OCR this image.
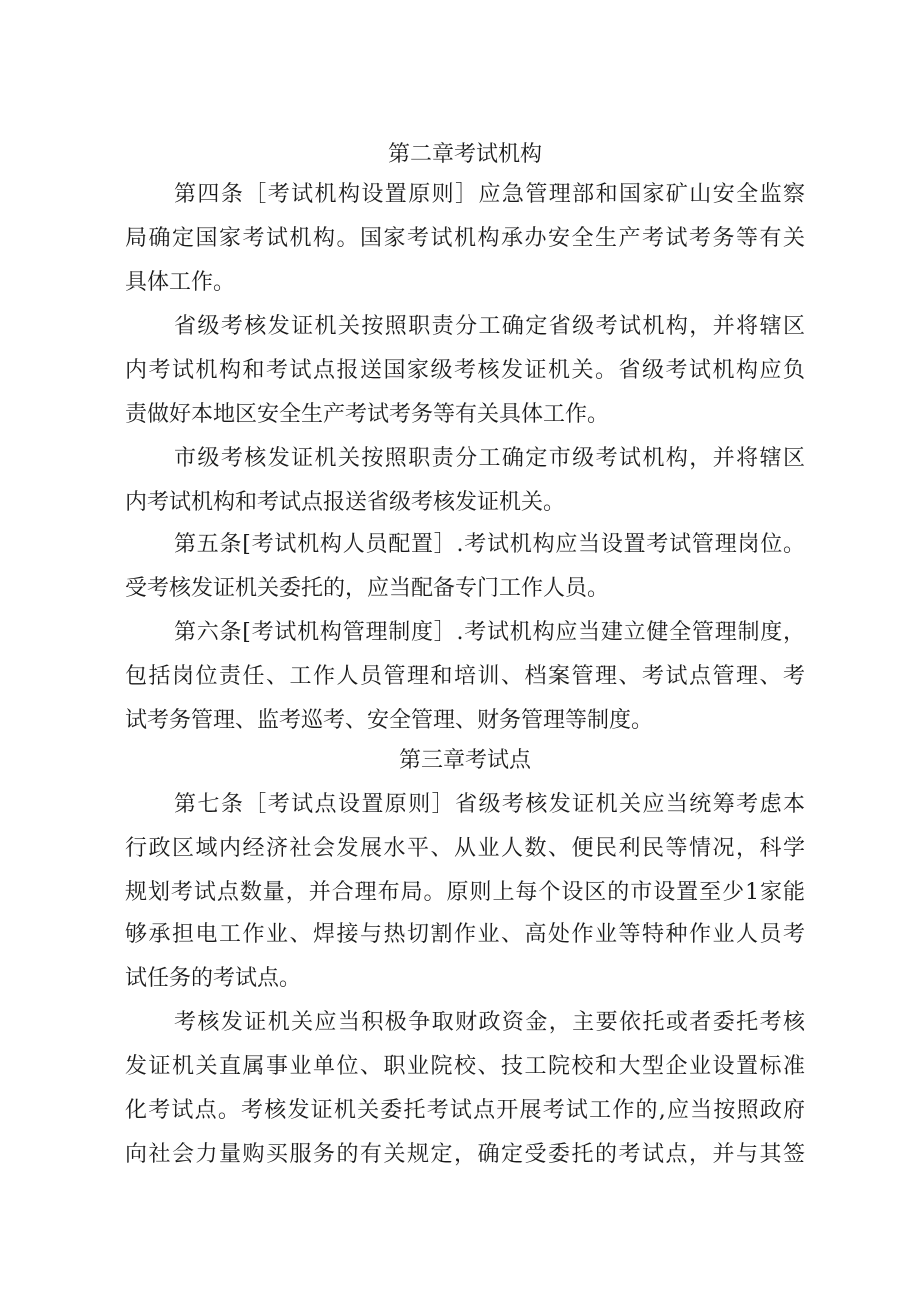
第二章考试机构
第四条［考试机构设置原则］应急管理部和国家矿山安全监察
局确定国家考试机构。国家考试机构承办安全生产考试考务等有关
具体工作。
省级考核发证机关按照职责分工确定省级考试机构，并将辖区
内考试机构和考试点报送国家级考核发证机关。省级考试机构应负
责做好本地区安全生产考试考务等有关具体工作。
市级考核发证机关按照职责分工确定市级考试机构，并将辖区
内考试机构和考试点报送省级考核发证机关。
第五条[考试机构人员配置］.考试机构应当设置考试管理岗位。
受考核发证机关委托的，应当配备专门工作人员。
第六条[考试机构管理制度］.考试机构应当建立健全管理制度，
包括岗位责任、工作人员管理和培训、档案管理、考试点管理、考
试考务管理、监考巡考、安全管理、财务管理等制度。
第三章考试点
第七条［考试点设置原则］省级考核发证机关应当统筹考虑本
行政区域内经济社会发展水平、从业人数、便民利民等情况，科学
规划考试点数量，并合理布局。原则上每个设区的市设置至少1家能
够承担电工作业、焊接与热切割作业、高处作业等特种作业人员考
试任务的考试点。
考核发证机关应当积极争取财政资金，主要依托或者委托考核
发证机关直属事业单位、职业院校、技工院校和大型企业设置标准
化考试点。考核发证机关委托考试点开展考试工作的,应当按照政府
向社会力量购买服务的有关规定，确定受委托的考试点，并与其签
